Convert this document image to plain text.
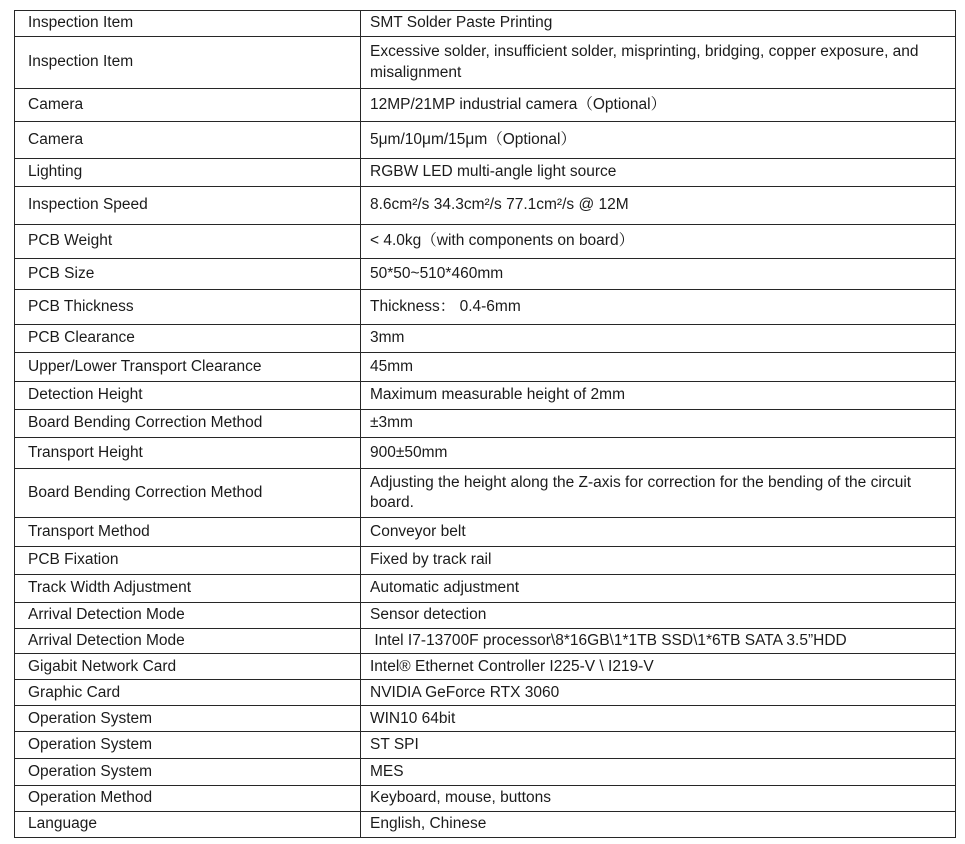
Inspection Item	SMT Solder Paste Printing
Inspection Item	Excessive solder, insufficient solder, misprinting, bridging, copper exposure, and misalignment
Camera	12MP/21MP industrial camera（Optional）
Camera	5μm/10μm/15μm（Optional）
Lighting	RGBW LED multi-angle light source
Inspection Speed	8.6cm²/s 34.3cm²/s 77.1cm²/s @ 12M
PCB Weight	< 4.0kg（with components on board）
PCB Size	50*50~510*460mm
PCB Thickness	Thickness： 0.4-6mm
PCB Clearance	3mm
Upper/Lower Transport Clearance	45mm
Detection Height	Maximum measurable height of 2mm
Board Bending Correction Method	±3mm
Transport Height	900±50mm
Board Bending Correction Method	Adjusting the height along the Z-axis for correction for the bending of the circuit board.
Transport Method	Conveyor belt
PCB Fixation	Fixed by track rail
Track Width Adjustment	Automatic adjustment
Arrival Detection Mode	Sensor detection
Arrival Detection Mode	Intel I7-13700F processor\8*16GB\1*1TB SSD\1*6TB SATA 3.5”HDD
Gigabit Network Card	Intel® Ethernet Controller I225-V \ I219-V
Graphic Card	NVIDIA GeForce RTX 3060
Operation System	WIN10 64bit
Operation System	ST SPI
Operation System	MES
Operation Method	Keyboard, mouse, buttons
Language	English, Chinese
